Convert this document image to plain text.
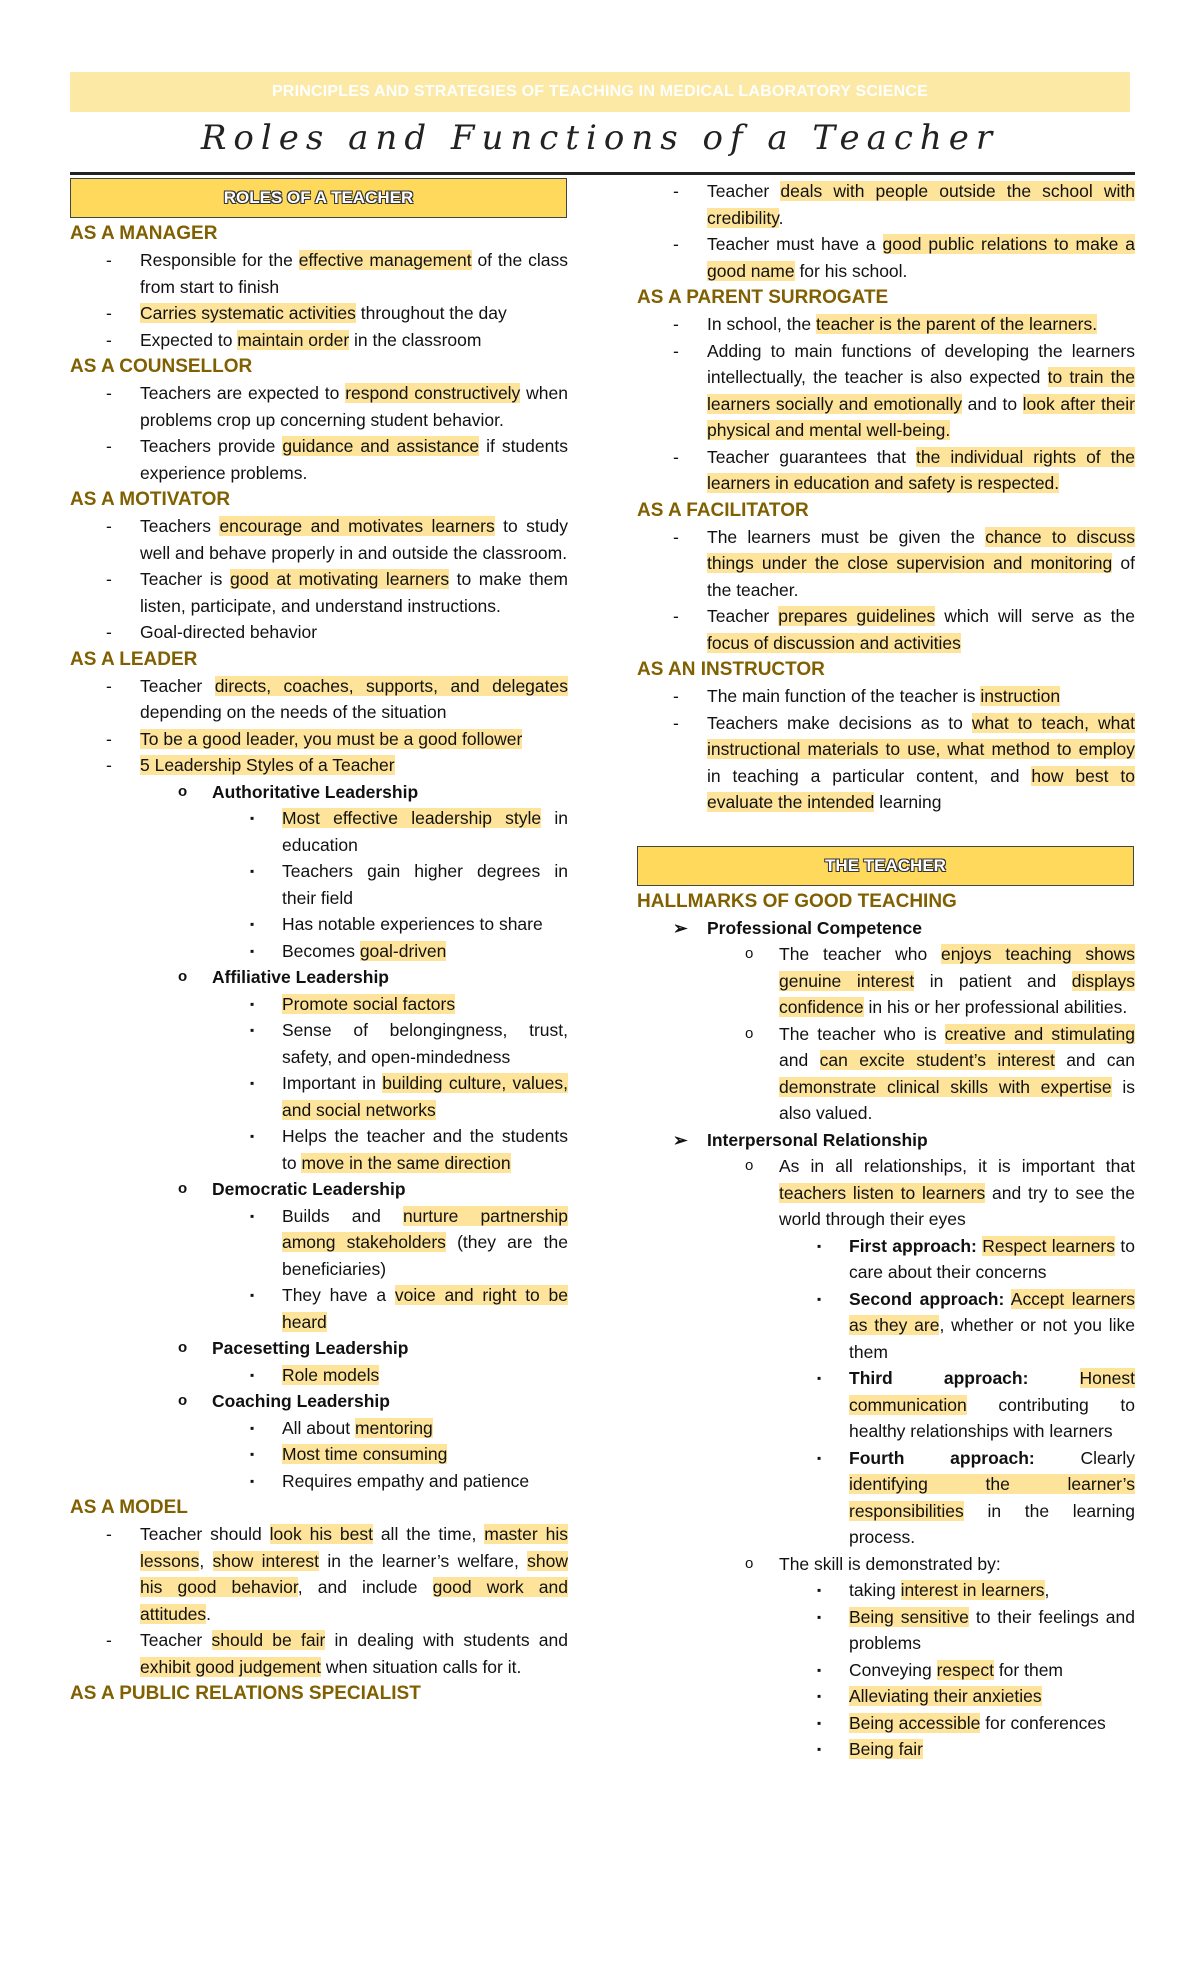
PRINCIPLES AND STRATEGIES OF TEACHING IN MEDICAL LABORATORY SCIENCE
Roles and Functions of a Teacher
ROLES OF A TEACHER
AS A MANAGER
- Responsible for the effective management of the class from start to finish
- Carries systematic activities throughout the day
- Expected to maintain order in the classroom
AS A COUNSELLOR
- Teachers are expected to respond constructively when problems crop up concerning student behavior.
- Teachers provide guidance and assistance if students experience problems.
AS A MOTIVATOR
- Teachers encourage and motivates learners to study well and behave properly in and outside the classroom.
- Teacher is good at motivating learners to make them listen, participate, and understand instructions.
- Goal-directed behavior
AS A LEADER
- Teacher directs, coaches, supports, and delegates depending on the needs of the situation
- To be a good leader, you must be a good follower
- 5 Leadership Styles of a Teacher
o Authoritative Leadership
▪ Most effective leadership style in education
▪ Teachers gain higher degrees in their field
▪ Has notable experiences to share
▪ Becomes goal-driven
o Affiliative Leadership
▪ Promote social factors
▪ Sense of belongingness, trust, safety, and open-mindedness
▪ Important in building culture, values, and social networks
▪ Helps the teacher and the students to move in the same direction
o Democratic Leadership
▪ Builds and nurture partnership among stakeholders (they are the beneficiaries)
▪ They have a voice and right to be heard
o Pacesetting Leadership
▪ Role models
o Coaching Leadership
▪ All about mentoring
▪ Most time consuming
▪ Requires empathy and patience
AS A MODEL
- Teacher should look his best all the time, master his lessons, show interest in the learner’s welfare, show his good behavior, and include good work and attitudes.
- Teacher should be fair in dealing with students and exhibit good judgement when situation calls for it.
AS A PUBLIC RELATIONS SPECIALIST
- Teacher deals with people outside the school with credibility.
- Teacher must have a good public relations to make a good name for his school.
AS A PARENT SURROGATE
- In school, the teacher is the parent of the learners.
- Adding to main functions of developing the learners intellectually, the teacher is also expected to train the learners socially and emotionally and to look after their physical and mental well-being.
- Teacher guarantees that the individual rights of the learners in education and safety is respected.
AS A FACILITATOR
- The learners must be given the chance to discuss things under the close supervision and monitoring of the teacher.
- Teacher prepares guidelines which will serve as the focus of discussion and activities
AS AN INSTRUCTOR
- The main function of the teacher is instruction
- Teachers make decisions as to what to teach, what instructional materials to use, what method to employ in teaching a particular content, and how best to evaluate the intended learning
THE TEACHER
HALLMARKS OF GOOD TEACHING
➢ Professional Competence
o The teacher who enjoys teaching shows genuine interest in patient and displays confidence in his or her professional abilities.
o The teacher who is creative and stimulating and can excite student’s interest and can demonstrate clinical skills with expertise is also valued.
➢ Interpersonal Relationship
o As in all relationships, it is important that teachers listen to learners and try to see the world through their eyes
▪ First approach: Respect learners to care about their concerns
▪ Second approach: Accept learners as they are, whether or not you like them
▪ Third approach:	Honest communication contributing to healthy relationships with learners
▪ Fourth approach: Clearly identifying the learner’s responsibilities in the learning process.
o The skill is demonstrated by:
▪ taking interest in learners,
▪ Being sensitive to their feelings and problems
▪ Conveying respect for them
▪ Alleviating their anxieties
▪ Being accessible for conferences
▪ Being fair
